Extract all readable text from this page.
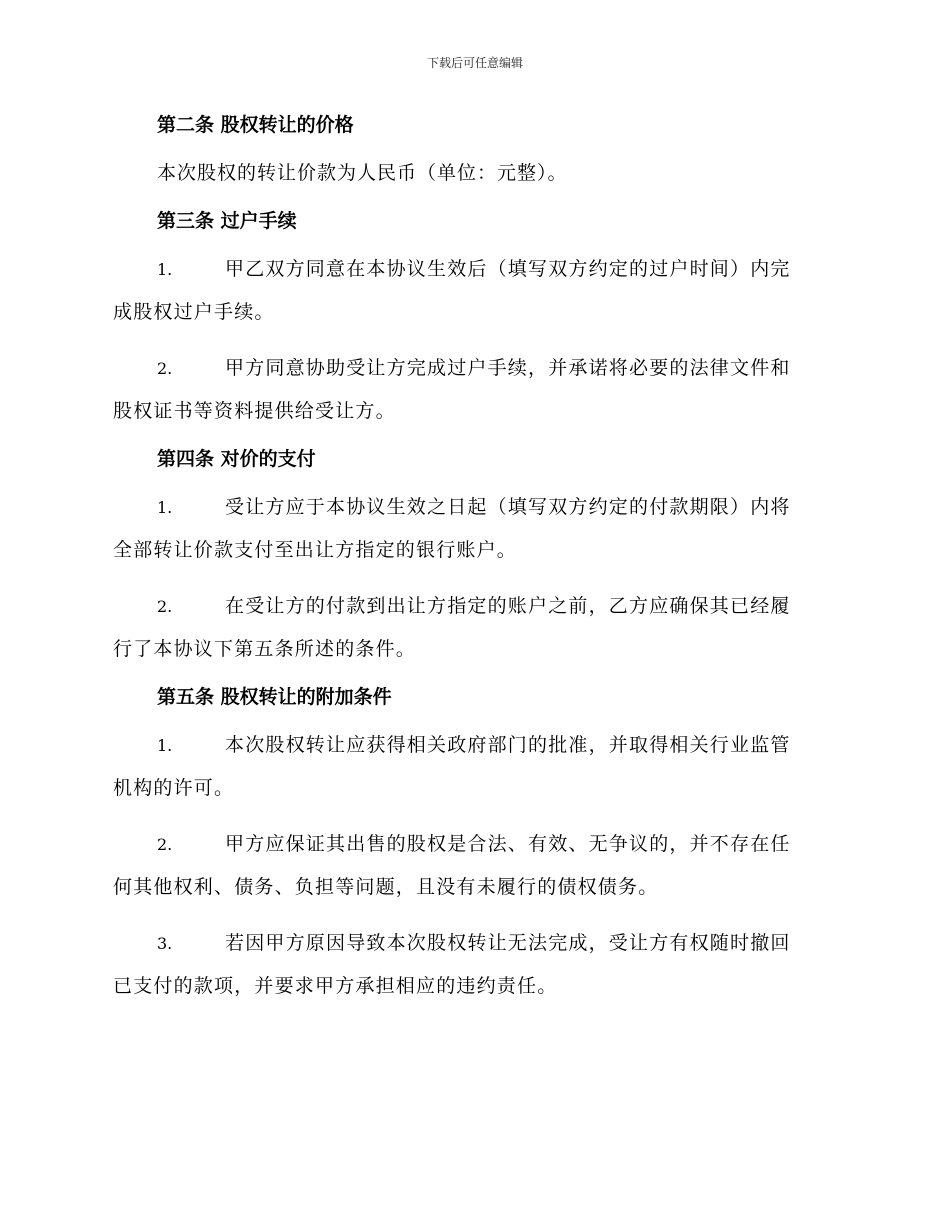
下载后可任意编辑

第二条 股权转让的价格

本次股权的转让价款为人民币（单位：元整）。

第三条 过户手续

1.	甲乙双方同意在本协议生效后（填写双方约定的过户时间）内完

成股权过户手续。

2.	甲方同意协助受让方完成过户手续，并承诺将必要的法律文件和

股权证书等资料提供给受让方。

第四条 对价的支付

1.	受让方应于本协议生效之日起（填写双方约定的付款期限）内将

全部转让价款支付至出让方指定的银行账户。

2.	在受让方的付款到出让方指定的账户之前，乙方应确保其已经履

行了本协议下第五条所述的条件。

第五条 股权转让的附加条件

1.	本次股权转让应获得相关政府部门的批准，并取得相关行业监管

机构的许可。

2.	甲方应保证其出售的股权是合法、有效、无争议的，并不存在任

何其他权利、债务、负担等问题，且没有未履行的债权债务。

3.	若因甲方原因导致本次股权转让无法完成，受让方有权随时撤回

已支付的款项，并要求甲方承担相应的违约责任。
